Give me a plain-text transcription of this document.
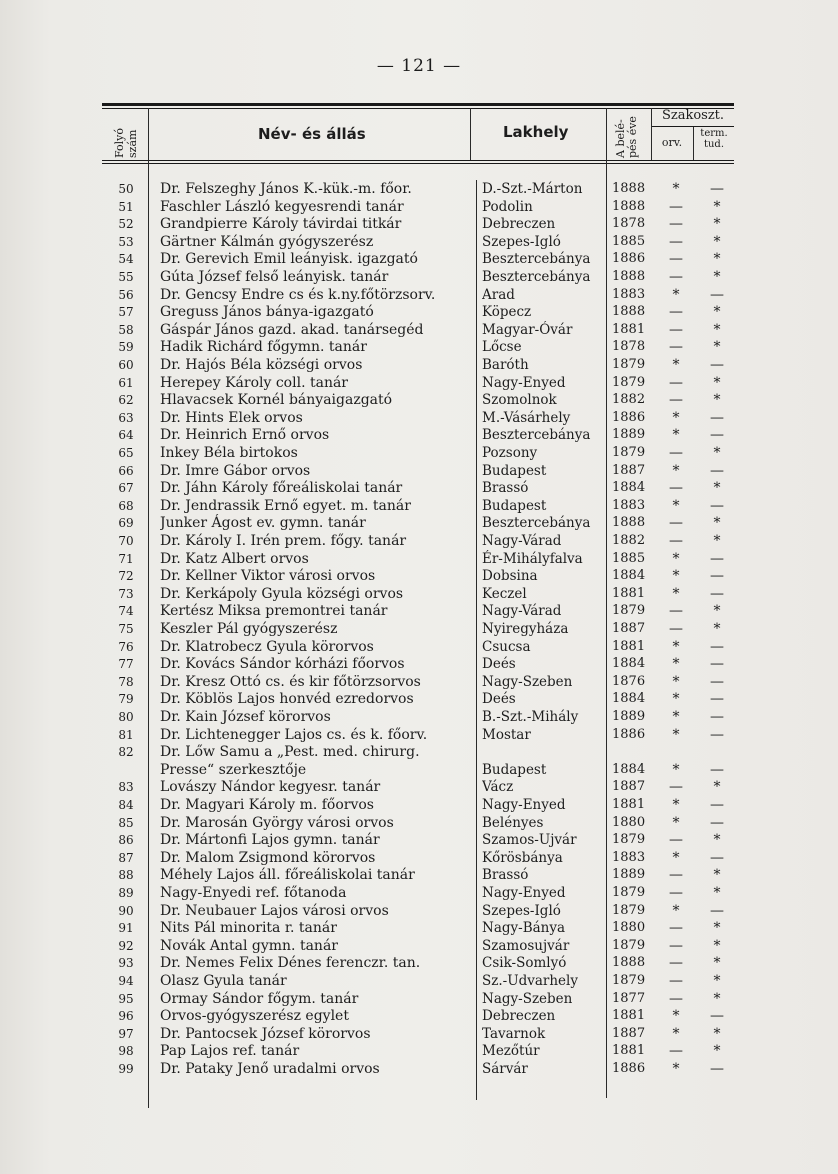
— 121 —
Folyó szám	Név- és állás	Lakhely	A belé-pés éve
Szakoszt.
orv.
term. tud.
50	Dr. Felszeghy János K.-kük.-m. főor.	D.-Szt.-Márton	1888	*	—
51	Faschler László kegyesrendi tanár	Podolin	1888	—	*
52	Grandpierre Károly távirdai titkár	Debreczen	1878	—	*
53	Gärtner Kálmán gyógyszerész	Szepes-Igló	1885	—	*
54	Dr. Gerevich Emil leányisk. igazgató	Besztercebánya	1886	—	*
55	Gúta József felső leányisk. tanár	Besztercebánya	1888	—	*
56	Dr. Gencsy Endre cs és k.ny.főtörzsorv.	Arad	1883	*	—
57	Greguss János bánya-igazgató	Köpecz	1888	—	*
58	Gáspár János gazd. akad. tanársegéd	Magyar-Óvár	1881	—	*
59	Hadik Richárd főgymn. tanár	Lőcse	1878	—	*
60	Dr. Hajós Béla községi orvos	Baróth	1879	*	—
61	Herepey Károly coll. tanár	Nagy-Enyed	1879	—	*
62	Hlavacsek Kornél bányaigazgató	Szomolnok	1882	—	*
63	Dr. Hints Elek orvos	M.-Vásárhely	1886	*	—
64	Dr. Heinrich Ernő orvos	Besztercebánya	1889	*	—
65	Inkey Béla birtokos	Pozsony	1879	—	*
66	Dr. Imre Gábor orvos	Budapest	1887	*	—
67	Dr. Jáhn Károly főreáliskolai tanár	Brassó	1884	—	*
68	Dr. Jendrassik Ernő egyet. m. tanár	Budapest	1883	*	—
69	Junker Ágost ev. gymn. tanár	Besztercebánya	1888	—	*
70	Dr. Károly I. Irén prem. főgy. tanár	Nagy-Várad	1882	—	*
71	Dr. Katz Albert orvos	Ér-Mihályfalva	1885	*	—
72	Dr. Kellner Viktor városi orvos	Dobsina	1884	*	—
73	Dr. Kerkápoly Gyula községi orvos	Keczel	1881	*	—
74	Kertész Miksa premontrei tanár	Nagy-Várad	1879	—	*
75	Keszler Pál gyógyszerész	Nyiregyháza	1887	—	*
76	Dr. Klatrobecz Gyula körorvos	Csucsa	1881	*	—
77	Dr. Kovács Sándor kórházi főorvos	Deés	1884	*	—
78	Dr. Kresz Ottó cs. és kir főtörzsorvos	Nagy-Szeben	1876	*	—
79	Dr. Köblös Lajos honvéd ezredorvos	Deés	1884	*	—
80	Dr. Kain József körorvos	B.-Szt.-Mihály	1889	*	—
81	Dr. Lichtenegger Lajos cs. és k. főorv.	Mostar	1886	*	—
82	Dr. Lőw Samu a „Pest. med. chirurg.
Presse“ szerkesztője	Budapest	1884	*	—
83	Lovászy Nándor kegyesr. tanár	Vácz	1887	—	*
84	Dr. Magyari Károly m. főorvos	Nagy-Enyed	1881	*	—
85	Dr. Marosán György városi orvos	Belényes	1880	*	—
86	Dr. Mártonfi Lajos gymn. tanár	Szamos-Ujvár	1879	—	*
87	Dr. Malom Zsigmond körorvos	Kőrösbánya	1883	*	—
88	Méhely Lajos áll. főreáliskolai tanár	Brassó	1889	—	*
89	Nagy-Enyedi ref. főtanoda	Nagy-Enyed	1879	—	*
90	Dr. Neubauer Lajos városi orvos	Szepes-Igló	1879	*	—
91	Nits Pál minorita r. tanár	Nagy-Bánya	1880	—	*
92	Novák Antal gymn. tanár	Szamosujvár	1879	—	*
93	Dr. Nemes Felix Dénes ferenczr. tan.	Csik-Somlyó	1888	—	*
94	Olasz Gyula tanár	Sz.-Udvarhely	1879	—	*
95	Ormay Sándor főgym. tanár	Nagy-Szeben	1877	—	*
96	Orvos-gyógyszerész egylet	Debreczen	1881	*	—
97	Dr. Pantocsek József körorvos	Tavarnok	1887	*	*
98	Pap Lajos ref. tanár	Mezőtúr	1881	—	*
99	Dr. Pataky Jenő uradalmi orvos	Sárvár	1886	*	—
